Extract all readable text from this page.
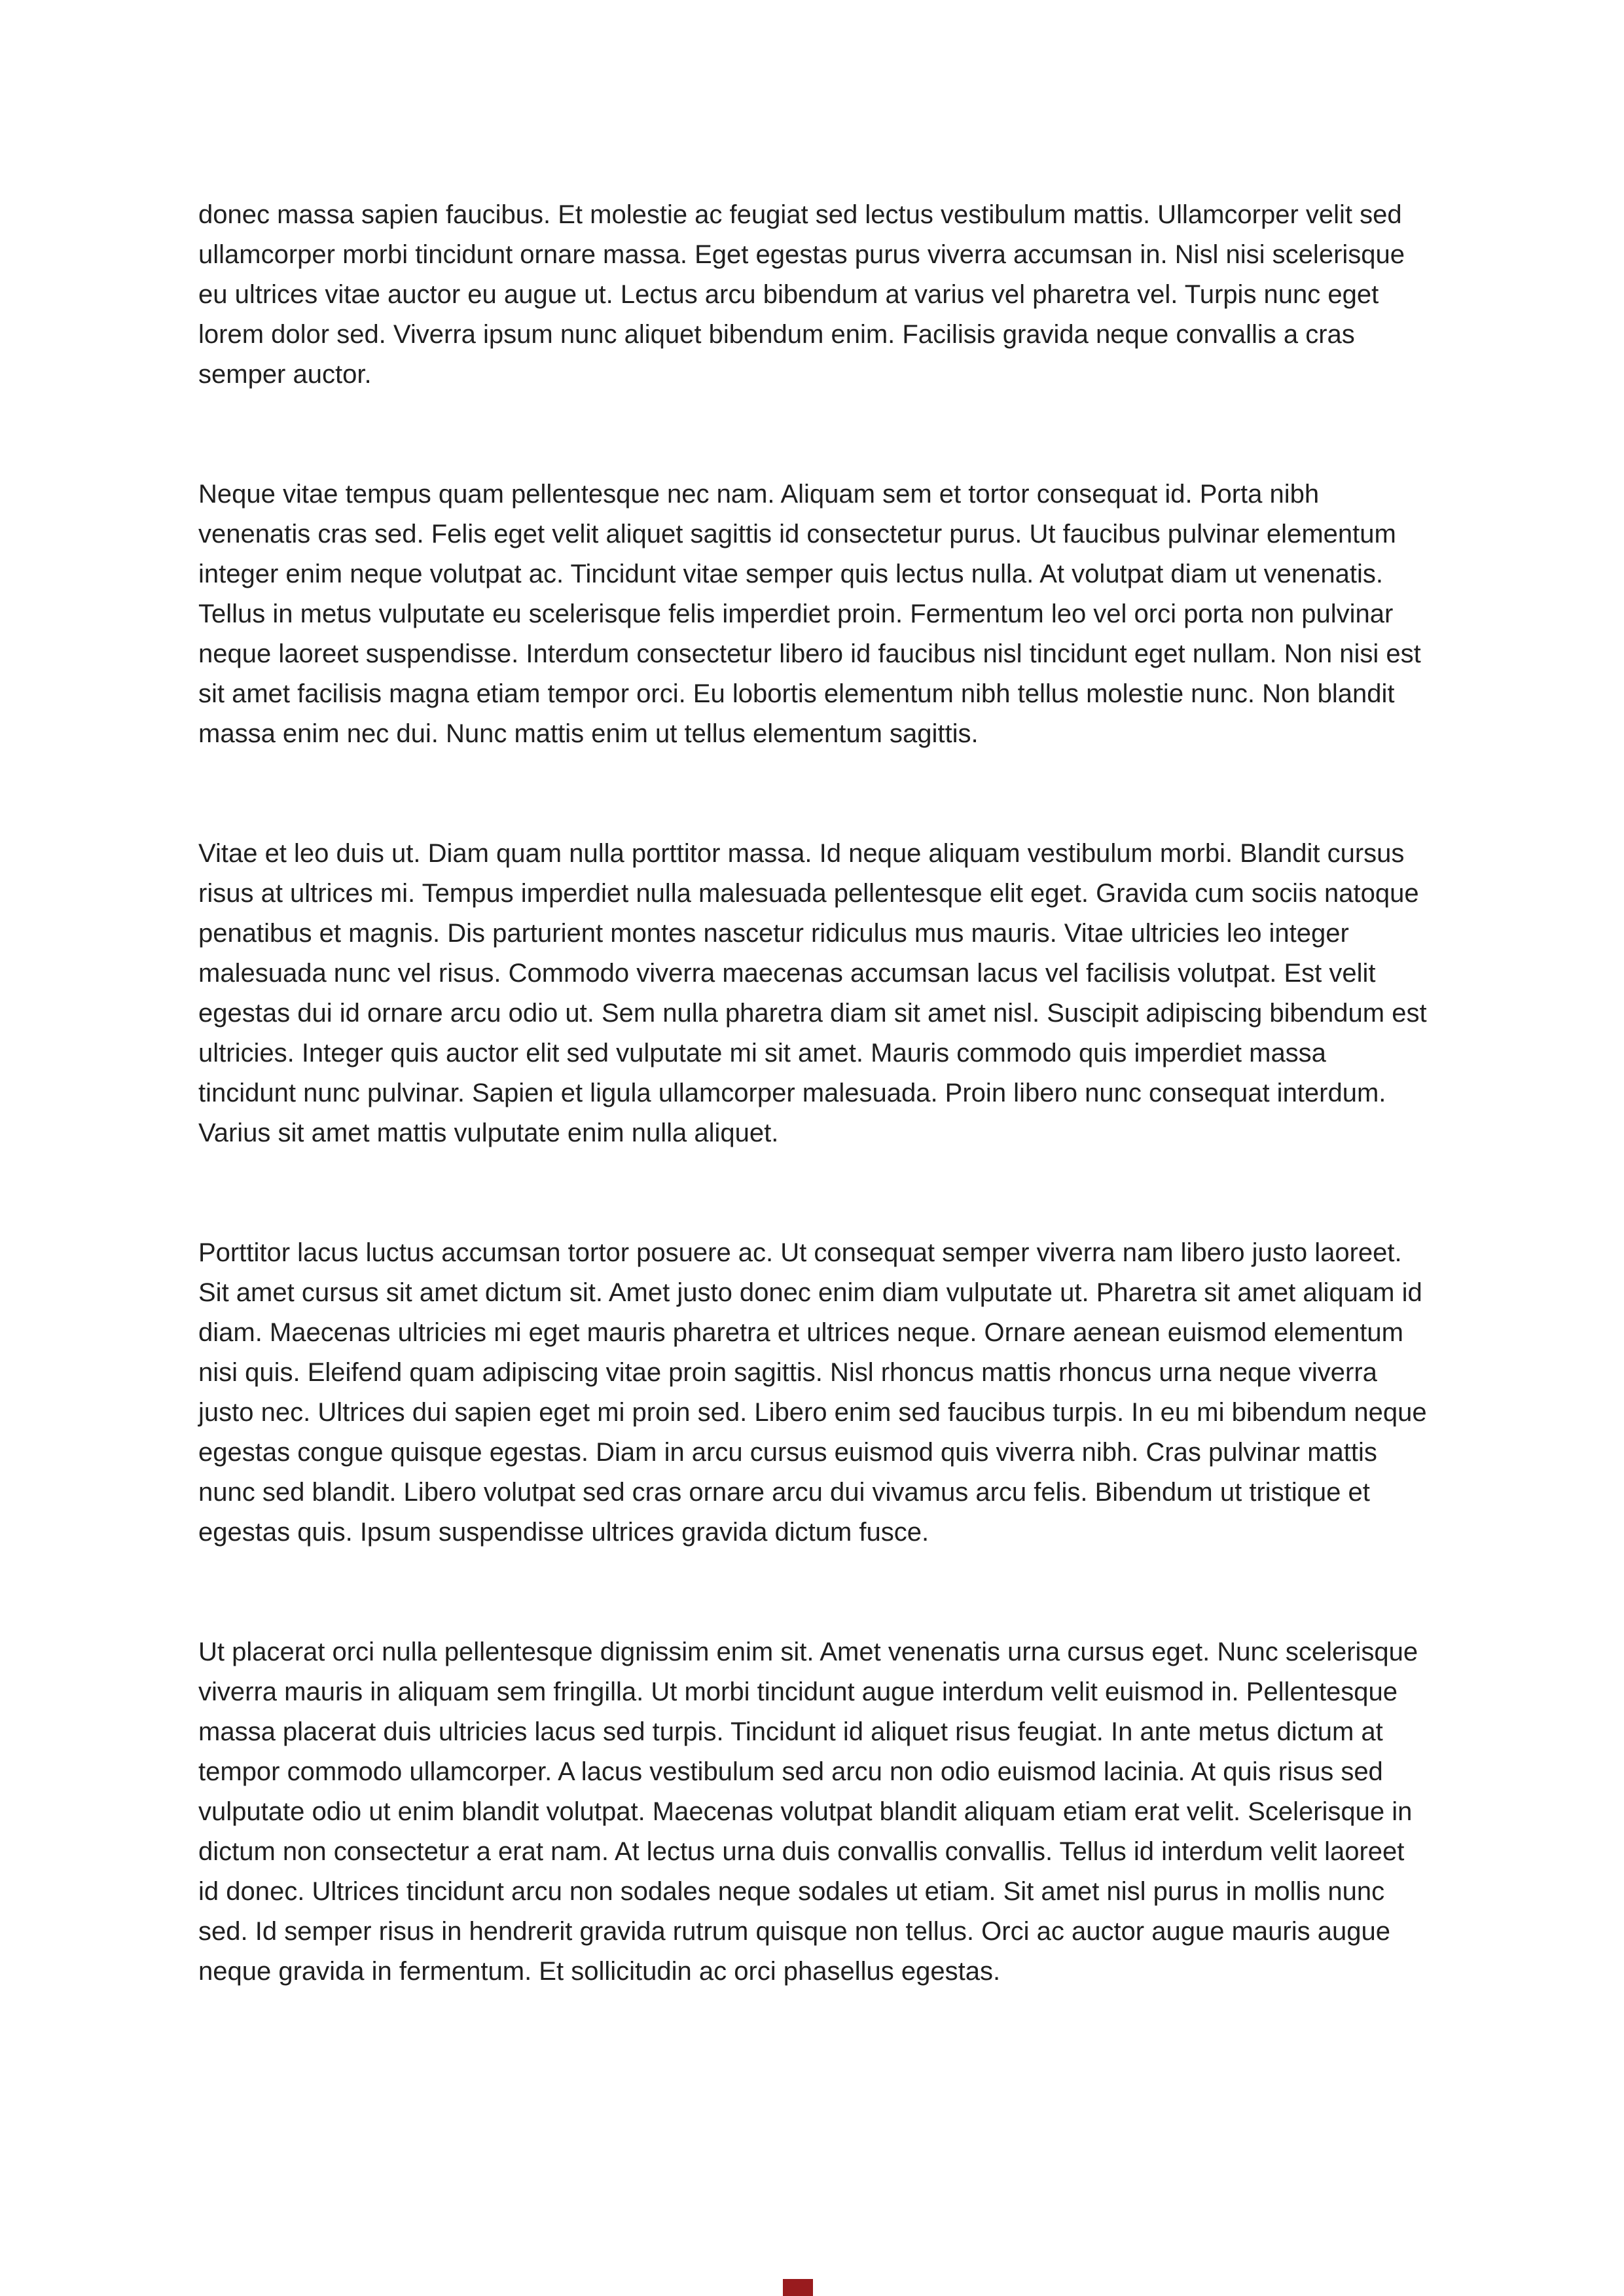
donec massa sapien faucibus. Et molestie ac feugiat sed lectus vestibulum mattis. Ullamcorper velit sed ullamcorper morbi tincidunt ornare massa. Eget egestas purus viverra accumsan in. Nisl nisi scelerisque eu ultrices vitae auctor eu augue ut. Lectus arcu bibendum at varius vel pharetra vel. Turpis nunc eget lorem dolor sed. Viverra ipsum nunc aliquet bibendum enim. Facilisis gravida neque convallis a cras semper auctor.

Neque vitae tempus quam pellentesque nec nam. Aliquam sem et tortor consequat id. Porta nibh venenatis cras sed. Felis eget velit aliquet sagittis id consectetur purus. Ut faucibus pulvinar elementum integer enim neque volutpat ac. Tincidunt vitae semper quis lectus nulla. At volutpat diam ut venenatis. Tellus in metus vulputate eu scelerisque felis imperdiet proin. Fermentum leo vel orci porta non pulvinar neque laoreet suspendisse. Interdum consectetur libero id faucibus nisl tincidunt eget nullam. Non nisi est sit amet facilisis magna etiam tempor orci. Eu lobortis elementum nibh tellus molestie nunc. Non blandit massa enim nec dui. Nunc mattis enim ut tellus elementum sagittis.

Vitae et leo duis ut. Diam quam nulla porttitor massa. Id neque aliquam vestibulum morbi. Blandit cursus risus at ultrices mi. Tempus imperdiet nulla malesuada pellentesque elit eget. Gravida cum sociis natoque penatibus et magnis. Dis parturient montes nascetur ridiculus mus mauris. Vitae ultricies leo integer malesuada nunc vel risus. Commodo viverra maecenas accumsan lacus vel facilisis volutpat. Est velit egestas dui id ornare arcu odio ut. Sem nulla pharetra diam sit amet nisl. Suscipit adipiscing bibendum est ultricies. Integer quis auctor elit sed vulputate mi sit amet. Mauris commodo quis imperdiet massa tincidunt nunc pulvinar. Sapien et ligula ullamcorper malesuada. Proin libero nunc consequat interdum. Varius sit amet mattis vulputate enim nulla aliquet.

Porttitor lacus luctus accumsan tortor posuere ac. Ut consequat semper viverra nam libero justo laoreet. Sit amet cursus sit amet dictum sit. Amet justo donec enim diam vulputate ut. Pharetra sit amet aliquam id diam. Maecenas ultricies mi eget mauris pharetra et ultrices neque. Ornare aenean euismod elementum nisi quis. Eleifend quam adipiscing vitae proin sagittis. Nisl rhoncus mattis rhoncus urna neque viverra justo nec. Ultrices dui sapien eget mi proin sed. Libero enim sed faucibus turpis. In eu mi bibendum neque egestas congue quisque egestas. Diam in arcu cursus euismod quis viverra nibh. Cras pulvinar mattis nunc sed blandit. Libero volutpat sed cras ornare arcu dui vivamus arcu felis. Bibendum ut tristique et egestas quis. Ipsum suspendisse ultrices gravida dictum fusce.

Ut placerat orci nulla pellentesque dignissim enim sit. Amet venenatis urna cursus eget. Nunc scelerisque viverra mauris in aliquam sem fringilla. Ut morbi tincidunt augue interdum velit euismod in. Pellentesque massa placerat duis ultricies lacus sed turpis. Tincidunt id aliquet risus feugiat. In ante metus dictum at tempor commodo ullamcorper. A lacus vestibulum sed arcu non odio euismod lacinia. At quis risus sed vulputate odio ut enim blandit volutpat. Maecenas volutpat blandit aliquam etiam erat velit. Scelerisque in dictum non consectetur a erat nam. At lectus urna duis convallis convallis. Tellus id interdum velit laoreet id donec. Ultrices tincidunt arcu non sodales neque sodales ut etiam. Sit amet nisl purus in mollis nunc sed. Id semper risus in hendrerit gravida rutrum quisque non tellus. Orci ac auctor augue mauris augue neque gravida in fermentum. Et sollicitudin ac orci phasellus egestas.
